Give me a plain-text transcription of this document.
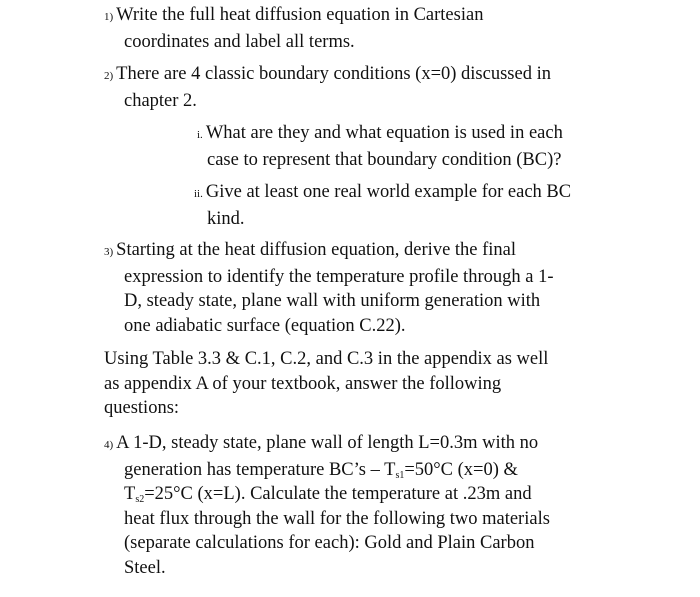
1) Write the full heat diffusion equation in Cartesian
coordinates and label all terms.
2) There are 4 classic boundary conditions (x=0) discussed in
chapter 2.
i. What are they and what equation is used in each
case to represent that boundary condition (BC)?
ii. Give at least one real world example for each BC
kind.
3) Starting at the heat diffusion equation, derive the final
expression to identify the temperature profile through a 1-
D, steady state, plane wall with uniform generation with
one adiabatic surface (equation C.22).
Using Table 3.3 & C.1, C.2, and C.3 in the appendix as well
as appendix A of your textbook, answer the following
questions:
4) A 1-D, steady state, plane wall of length L=0.3m with no
generation has temperature BC’s – $T_{s1}=50^\circ C$ (x=0) &
$T_{s2}=25^\circ C$ (x=L). Calculate the temperature at .23m and
heat flux through the wall for the following two materials
(separate calculations for each): Gold and Plain Carbon
Steel.
